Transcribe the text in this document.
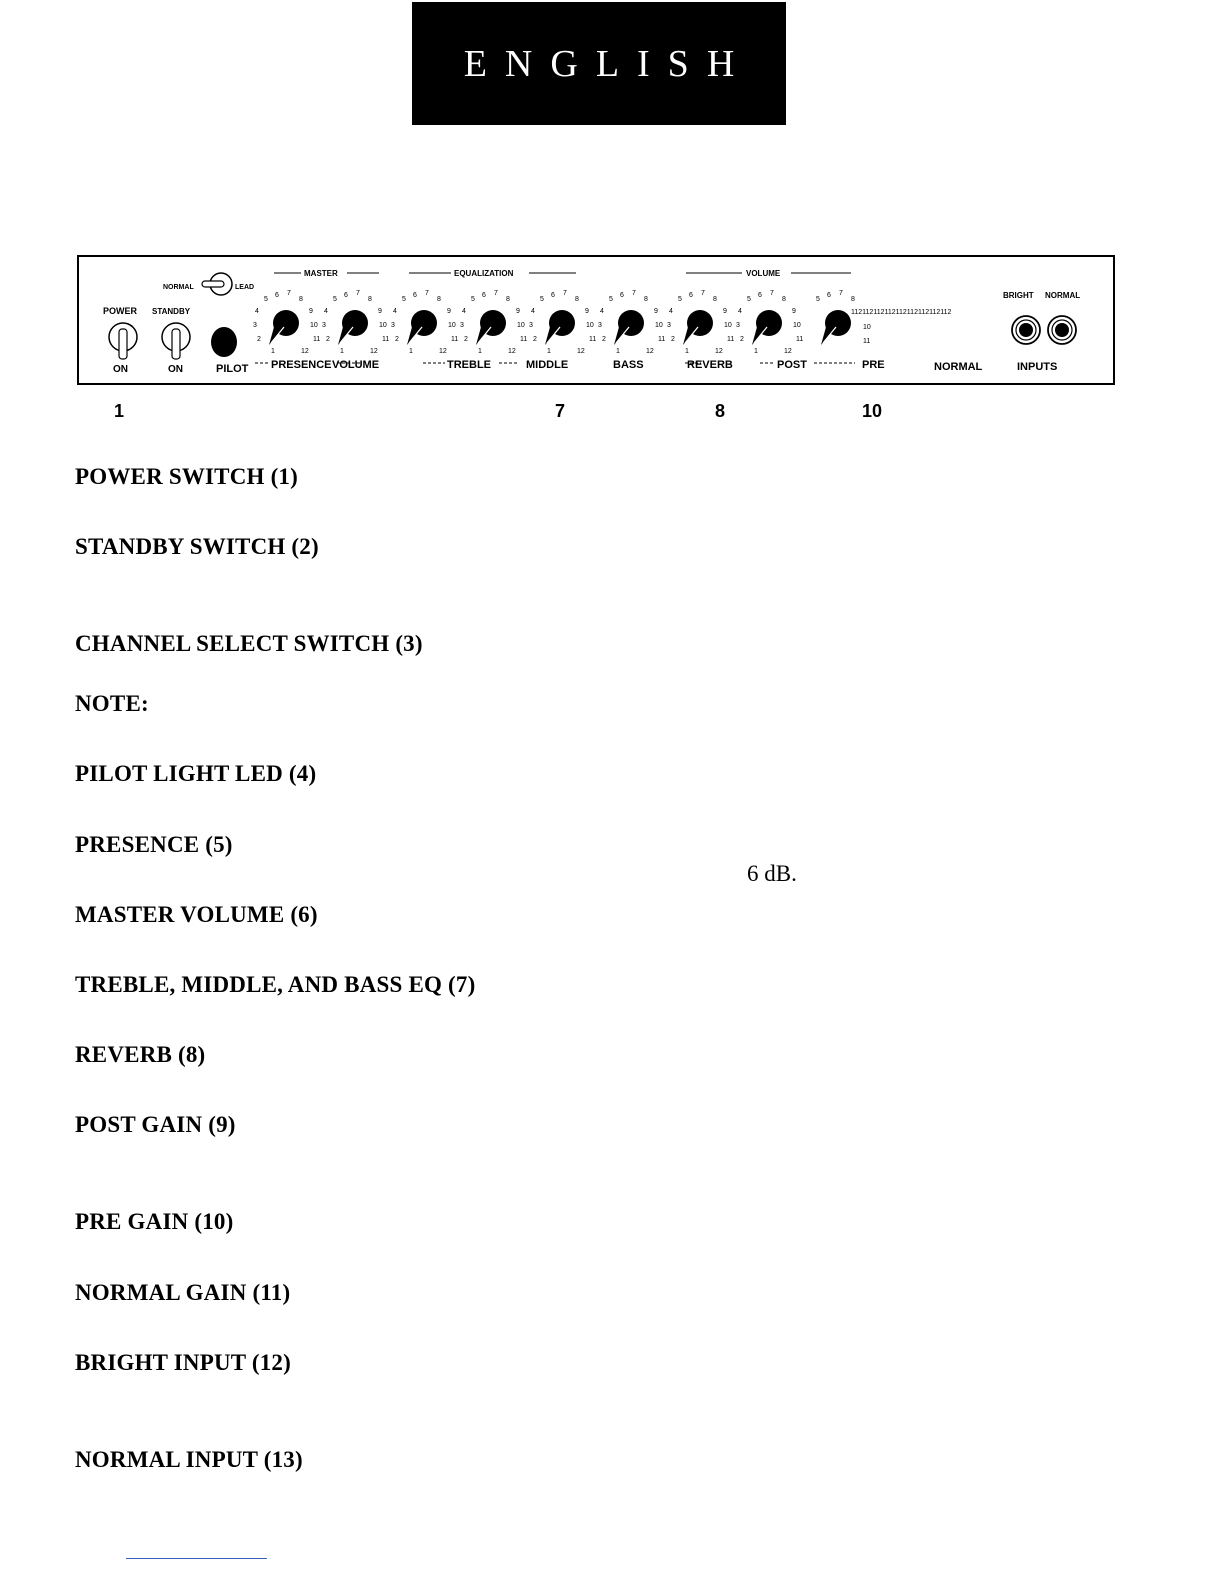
ENGLISH
MASTER	EQUALIZATION	VOLUME
NORMAL	LEAD
POWER STANDBY
ON	ON	PILOT
6 7
5	8
4	9
3	10
2	11
1	12
6 7
5	8
4	9
3	10
2	11
1	12
6 7
5	8
4	9
3	10
2	11
1	12
6 7
5	8
4	9
3	10
2	11
1	12
6 7
5	8
4	9
3	10
2	11
1	12
6 7
5	8
4	9
3	10
2	11
1	12
6 7
5	8
4	9
3	10
2	11
1	12
6 7
5	8
4	9
3	10
2	11
1	12
6 7
5	8
112112112112112112112112112
10
11
PRESENCE VOLUME	TREBLE	MIDDLE	BASS	REVERB	POST	PRE	NORMAL
BRIGHT NORMAL
INPUTS
1	7	8	10
POWER SWITCH (1)
STANDBY SWITCH (2)
CHANNEL SELECT SWITCH (3)
NOTE:
PILOT LIGHT LED (4)
PRESENCE (5)
6 dB.
MASTER VOLUME (6)
TREBLE, MIDDLE, AND BASS EQ (7)
REVERB (8)
POST GAIN (9)
PRE GAIN (10)
NORMAL GAIN (11)
BRIGHT INPUT (12)
NORMAL INPUT (13)
